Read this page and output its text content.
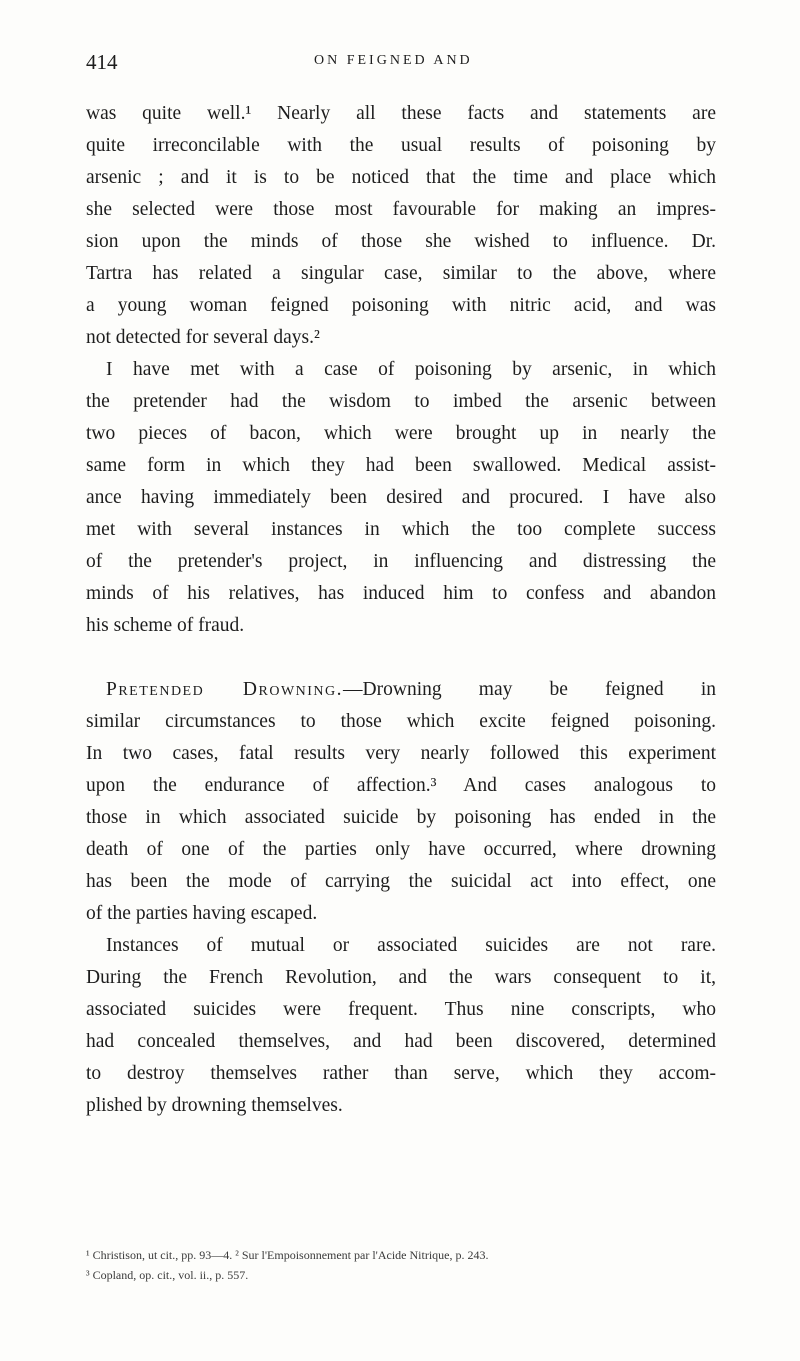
414	ON FEIGNED AND
was quite well.¹ Nearly all these facts and statements are
quite irreconcilable with the usual results of poisoning by
arsenic ; and it is to be noticed that the time and place which
she selected were those most favourable for making an impres-
sion upon the minds of those she wished to influence. Dr.
Tartra has related a singular case, similar to the above, where
a young woman feigned poisoning with nitric acid, and was
not detected for several days.²
I have met with a case of poisoning by arsenic, in which
the pretender had the wisdom to imbed the arsenic between
two pieces of bacon, which were brought up in nearly the
same form in which they had been swallowed. Medical assist-
ance having immediately been desired and procured. I have also
met with several instances in which the too complete success
of the pretender's project, in influencing and distressing the
minds of his relatives, has induced him to confess and abandon
his scheme of fraud.
Pretended Drowning.—Drowning may be feigned in
similar circumstances to those which excite feigned poisoning.
In two cases, fatal results very nearly followed this experiment
upon the endurance of affection.³ And cases analogous to
those in which associated suicide by poisoning has ended in the
death of one of the parties only have occurred, where drowning
has been the mode of carrying the suicidal act into effect, one
of the parties having escaped.
Instances of mutual or associated suicides are not rare.
During the French Revolution, and the wars consequent to it,
associated suicides were frequent. Thus nine conscripts, who
had concealed themselves, and had been discovered, determined
to destroy themselves rather than serve, which they accom-
plished by drowning themselves.
¹ Christison, ut cit., pp. 93—4. ² Sur l'Empoisonnement par l'Acide Nitrique, p. 243.
³ Copland, op. cit., vol. ii., p. 557.
